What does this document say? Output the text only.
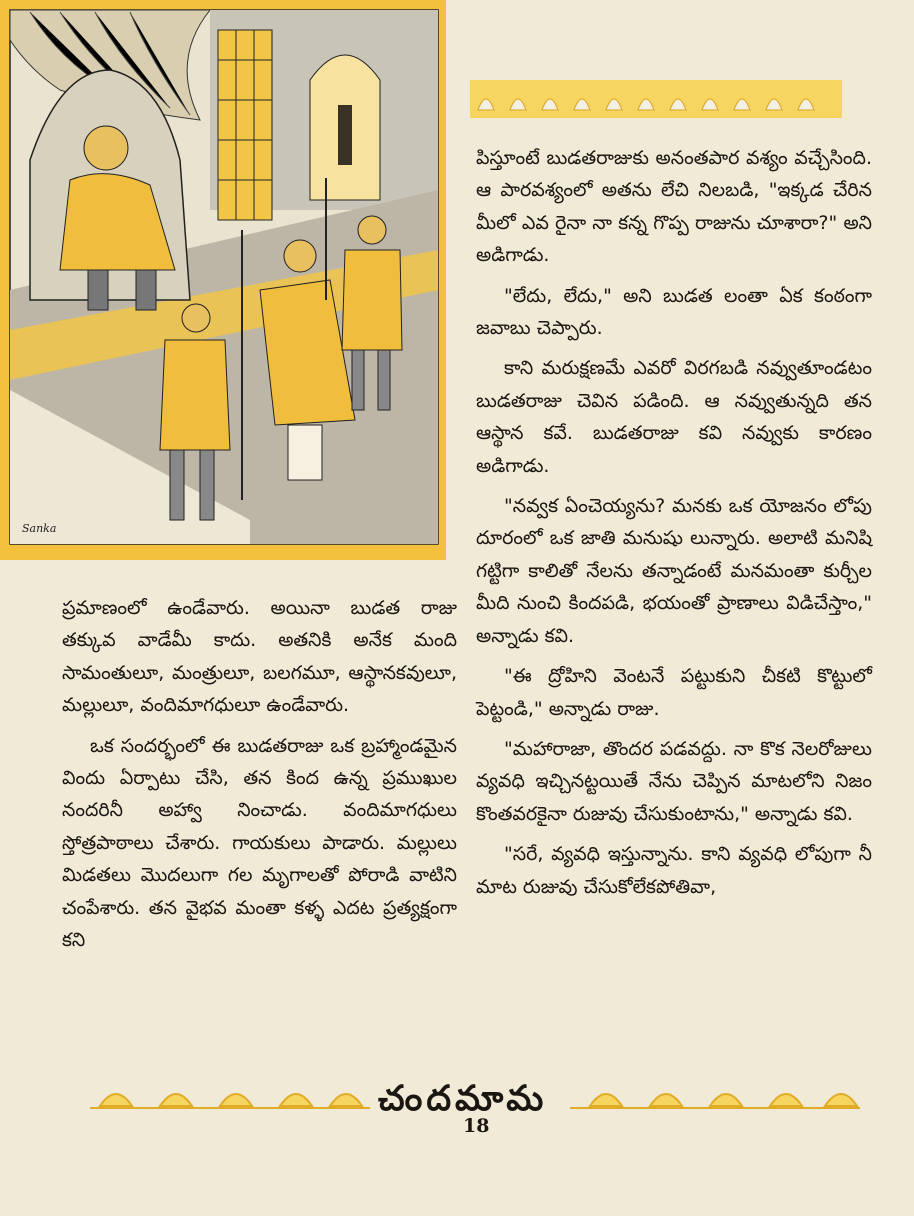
Sanka

పిస్తూంటే బుడతరాజుకు అనంతపార వశ్యం వచ్చేసింది. ఆ పారవశ్యంలో అతను లేచి నిలబడి, "ఇక్కడ చేరిన మీలో ఎవ రైనా నా కన్న గొప్ప రాజును చూశారా?" అని అడిగాడు.

"లేదు, లేదు," అని బుడత లంతా ఏక కంఠంగా జవాబు చెప్పారు.

కాని మరుక్షణమే ఎవరో విరగబడి నవ్వుతూండటం బుడతరాజు చెవిన పడింది. ఆ నవ్వుతున్నది తన ఆస్థాన కవే. బుడతరాజు కవి నవ్వుకు కారణం అడిగాడు.

"నవ్వక ఏంచెయ్యను? మనకు ఒక యోజనం లోపు దూరంలో ఒక జాతి మనుషు లున్నారు. అలాటి మనిషి గట్టిగా కాలితో నేలను తన్నాడంటే మనమంతా కుర్చీల మీది నుంచి కిందపడి, భయంతో ప్రాణాలు విడిచేస్తాం," అన్నాడు కవి.

"ఈ ద్రోహిని వెంటనే పట్టుకుని చీకటి కొట్టులో పెట్టండి," అన్నాడు రాజు.

"మహారాజా, తొందర పడవద్దు. నా కొక నెలరోజులు వ్యవధి ఇచ్చినట్టయితే నేను చెప్పిన మాటలోని నిజం కొంతవరకైనా రుజువు చేసుకుంటాను," అన్నాడు కవి.

"సరే, వ్యవధి ఇస్తున్నాను. కాని వ్యవధి లోపుగా నీ మాట రుజువు చేసుకోలేకపోతివా,

ప్రమాణంలో ఉండేవారు. అయినా బుడత రాజు తక్కువ వాడేమీ కాదు. అతనికి అనేక మంది సామంతులూ, మంత్రులూ, బలగమూ, ఆస్థానకవులూ, మల్లులూ, వందిమాగధులూ ఉండేవారు.

ఒక సందర్భంలో ఈ బుడతరాజు ఒక బ్రహ్మాండమైన విందు ఏర్పాటు చేసి, తన కింద ఉన్న ప్రముఖుల నందరినీ అహ్వా నించాడు. వందిమాగధులు స్తోత్రపాఠాలు చేశారు. గాయకులు పాడారు. మల్లులు మిడతలు మొదలుగా గల మృగాలతో పోరాడి వాటిని చంపేశారు. తన వైభవ మంతా కళ్ళ ఎదట ప్రత్యక్షంగా కని

చందమామ
18
